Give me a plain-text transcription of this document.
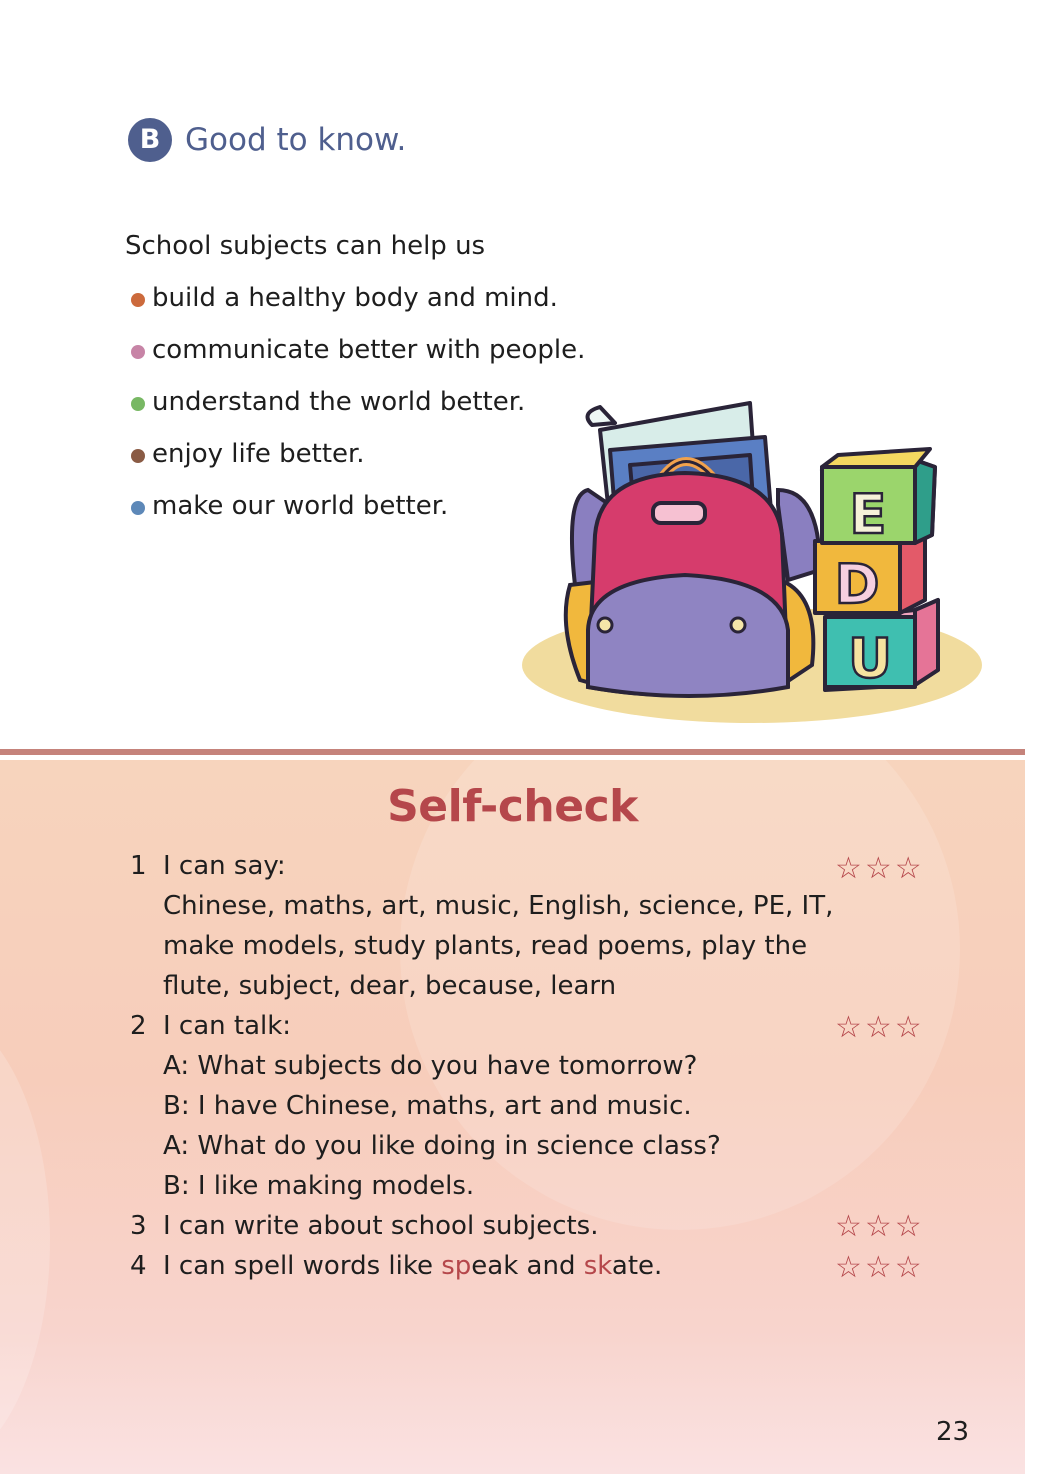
B Good to know.
School subjects can help us
build a healthy body and mind.
communicate better with people.
understand the world better.
enjoy life better.
make our world better.	E
D
U
Self-check
1 I can say:	☆☆☆
Chinese, maths, art, music, English, science, PE, IT,
make models, study plants, read poems, play the
flute, subject, dear, because, learn
2 I can talk:	☆☆☆
A: What subjects do you have tomorrow?
B: I have Chinese, maths, art and music.
A: What do you like doing in science class?
B: I like making models.
3 I can write about school subjects.	☆☆☆
4 I can spell words like speak and skate.	☆☆☆
23
